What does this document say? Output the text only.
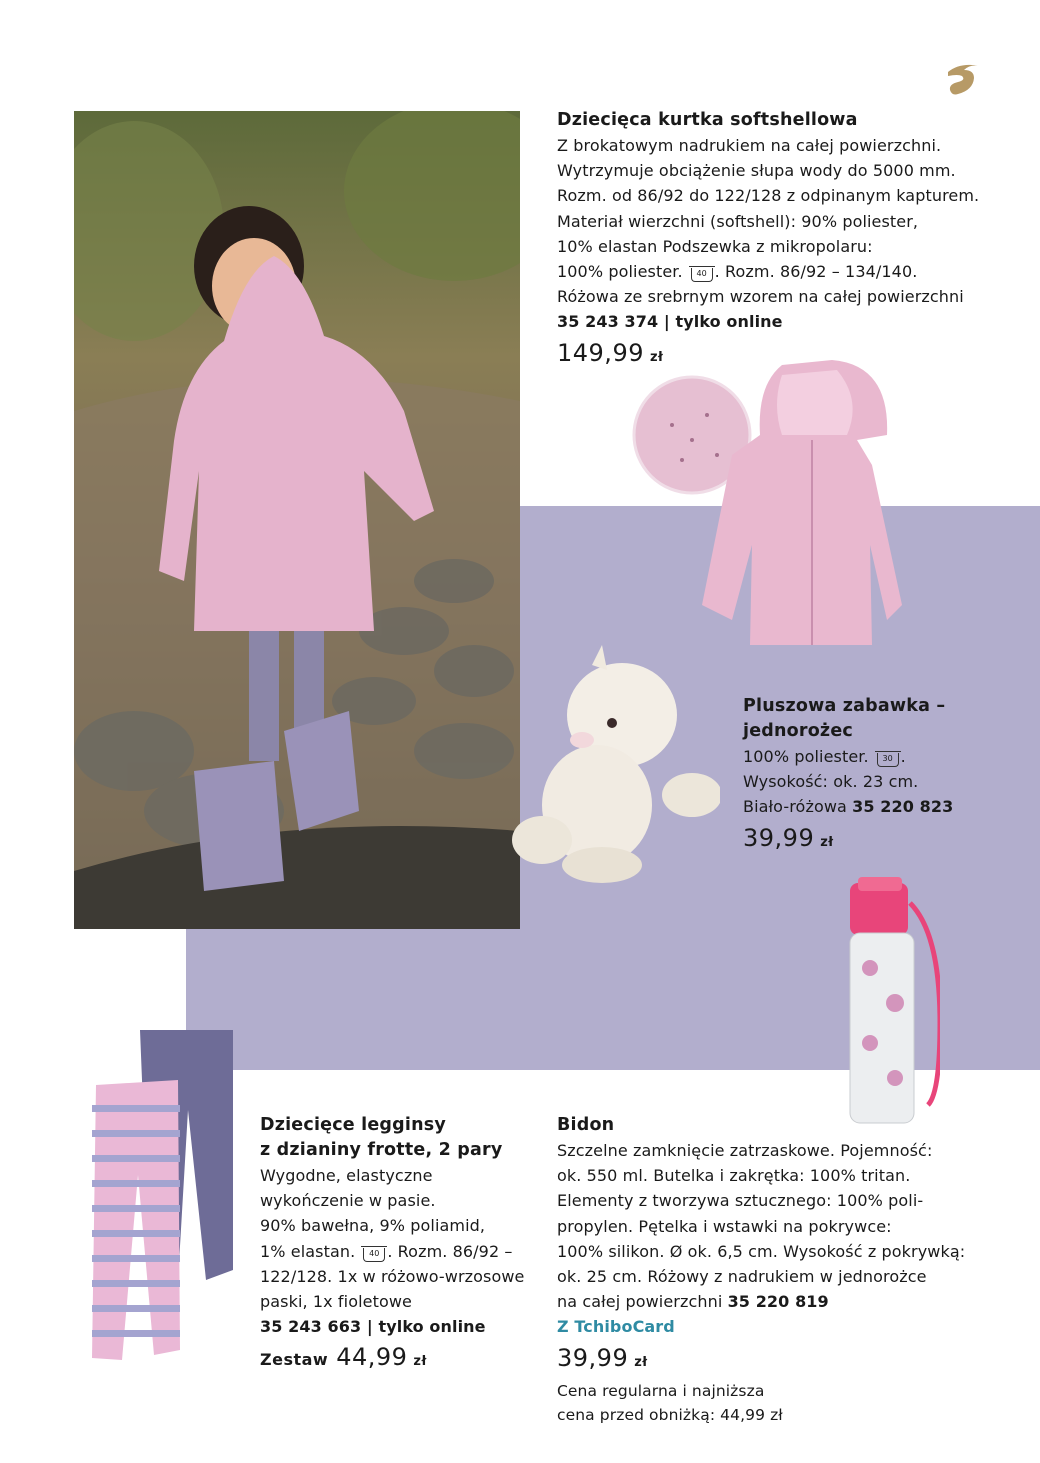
Dziecięca kurtka softshellowa
Z brokatowym nadrukiem na całej powierzchni.
Wytrzymuje obciążenie słupa wody do 5000 mm.
Rozm. od 86/92 do 122/128 z odpinanym kapturem.
Materiał wierzchni (softshell): 90% poliester,
10% elastan Podszewka z mikropolaru:
100% poliester. 40 . Rozm. 86/92 – 134/140.
Różowa ze srebrnym wzorem na całej powierzchni
35 243 374 | tylko online
149,99 zł
Pluszowa zabawka –
jednorożec
100% poliester. 30 .
Wysokość: ok. 23 cm.
Biało-różowa 35 220 823
39,99 zł
Dziecięce legginsy
z dzianiny frotte, 2 pary
Wygodne, elastyczne
wykończenie w pasie.
90% bawełna, 9% poliamid,
1% elastan. 40 . Rozm. 86/92 –
122/128. 1x w różowo-wrzosowe
paski, 1x fioletowe
35 243 663 | tylko online
Zestaw 44,99 zł
Bidon
Szczelne zamknięcie zatrzaskowe. Pojemność:
ok. 550 ml. Butelka i zakrętka: 100% tritan.
Elementy z tworzywa sztucznego: 100% poli-
propylen. Pętelka i wstawki na pokrywce:
100% silikon. Ø ok. 6,5 cm. Wysokość z pokrywką:
ok. 25 cm. Różowy z nadrukiem w jednorożce
na całej powierzchni 35 220 819
Z TchiboCard
39,99 zł
Cena regularna i najniższa
cena przed obniżką: 44,99 zł
